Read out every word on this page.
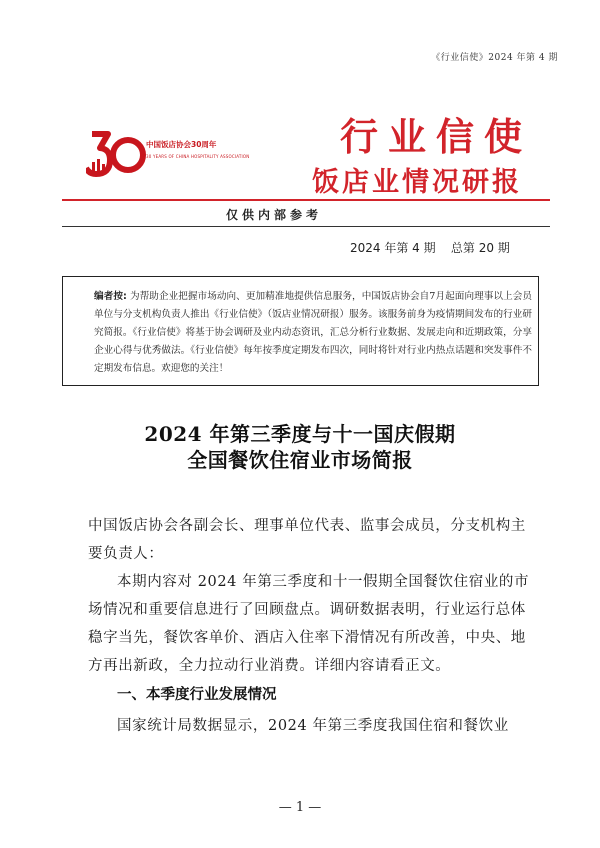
《行业信使》2024 年第 4 期
中国饭店协会30周年
30 YEARS OF CHINA HOSPITALITY ASSOCIATION	行业信使
饭店业情况研报
仅供内部参考
2024 年第 4 期 总第 20 期
编者按: 为帮助企业把握市场动向、更加精准地提供信息服务，中国饭店协会自7月起面向理事以上会员单位与分支机构负责人推出《行业信使》（饭店业情况研报）服务。该服务前身为疫情期间发布的行业研究简报。《行业信使》将基于协会调研及业内动态资讯，汇总分析行业数据、发展走向和近期政策，分享企业心得与优秀做法。《行业信使》每年按季度定期发布四次，同时将针对行业内热点话题和突发事件不定期发布信息。欢迎您的关注！
2024 年第三季度与十一国庆假期
全国餐饮住宿业市场简报
中国饭店协会各副会长、理事单位代表、监事会成员，分支机构主要负责人：
本期内容对 2024 年第三季度和十一假期全国餐饮住宿业的市场情况和重要信息进行了回顾盘点。调研数据表明，行业运行总体稳字当先，餐饮客单价、酒店入住率下滑情况有所改善，中央、地方再出新政，全力拉动行业消费。详细内容请看正文。
一、本季度行业发展情况
国家统计局数据显示，2024 年第三季度我国住宿和餐饮业
— 1 —
